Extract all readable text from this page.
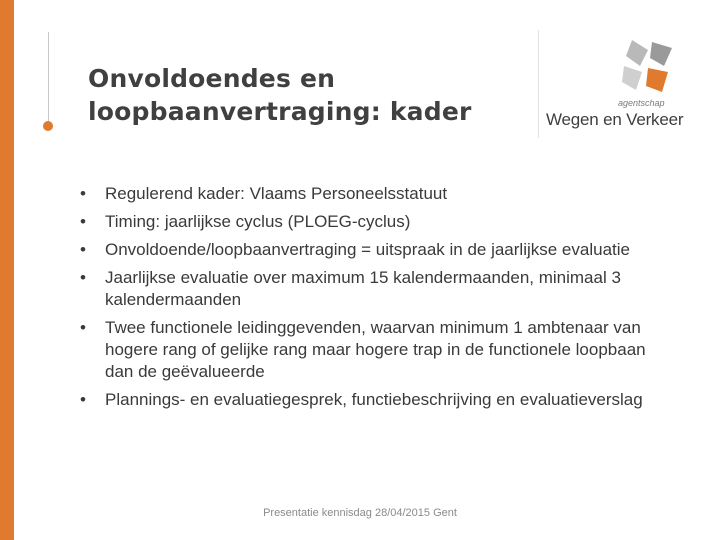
Onvoldoendes en
loopbaanvertraging: kader	agentschap
Wegen en Verkeer
• Regulerend kader: Vlaams Personeelsstatuut
• Timing: jaarlijkse cyclus (PLOEG-cyclus)
• Onvoldoende/loopbaanvertraging = uitspraak in de jaarlijkse evaluatie
• Jaarlijkse evaluatie over maximum 15 kalendermaanden, minimaal 3 kalendermaanden
• Twee functionele leidinggevenden, waarvan minimum 1 ambtenaar van hogere rang of gelijke rang maar hogere trap in de functionele loopbaan dan de geëvalueerde
• Plannings- en evaluatiegesprek, functiebeschrijving en evaluatieverslag
Presentatie kennisdag 28/04/2015 Gent
